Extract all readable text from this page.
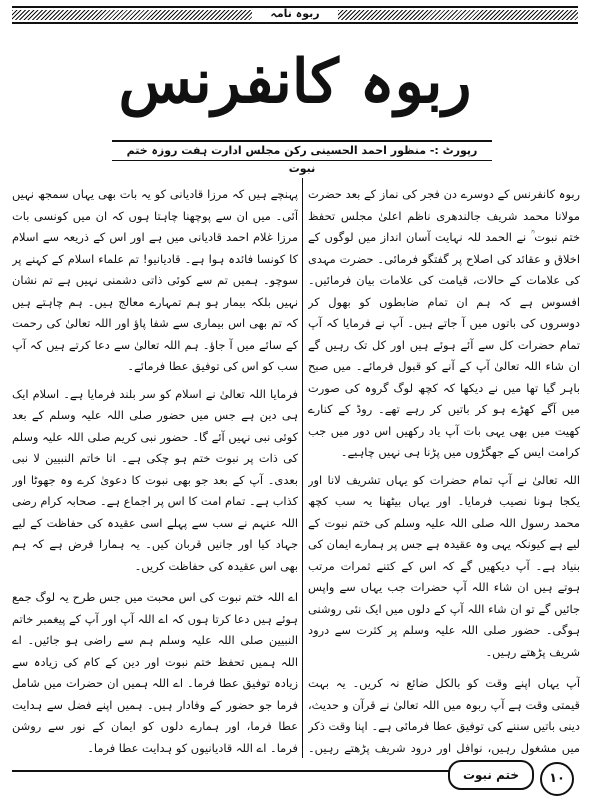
ربوہ نامہ
ربوہ کانفرنس
رپورٹ :- منظور احمد الحسینی رکن مجلس ادارت ہفت روزہ ختم نبوت

ربوہ کانفرنس کے دوسرے دن فجر کی نماز کے بعد حضرت مولانا محمد شریف جالندھری ناظم اعلیٰ مجلس تحفظ ختم نبوت ؒ نے الحمد للہ نہایت آسان انداز میں لوگوں کے اخلاق و عقائد کی اصلاح پر گفتگو فرمائی۔ حضرت مہدی کی علامات کے حالات، قیامت کی علامات بیان فرمائیں۔ افسوس ہے کہ ہم ان تمام ضابطوں کو بھول کر دوسروں کی باتوں میں آ جاتے ہیں۔ آپ نے فرمایا کہ آپ تمام حضرات کل سے آئے ہوئے ہیں اور کل تک رہیں گے ان شاء اللہ تعالیٰ آپ کے آنے کو قبول فرمائے۔ میں صبح باہر گیا تھا میں نے دیکھا کہ کچھ لوگ گروہ کی صورت میں آگے کھڑے ہو کر باتیں کر رہے تھے۔ روڈ کے کنارے کھیت میں بھی یہی بات آپ یاد رکھیں اس دور میں جب کرامت ایس کے جھگڑوں میں پڑنا ہی نہیں چاہیے۔

اللہ تعالیٰ نے آپ تمام حضرات کو یہاں تشریف لانا اور یکجا ہونا نصیب فرمایا۔ اور یہاں بیٹھنا یہ سب کچھ محمد رسول اللہ صلی اللہ علیہ وسلم کی ختم نبوت کے لیے ہے کیونکہ یہی وہ عقیدہ ہے جس پر ہمارے ایمان کی بنیاد ہے۔ آپ دیکھیں گے کہ اس کے کتنے ثمرات مرتب ہوتے ہیں ان شاء اللہ آپ حضرات جب یہاں سے واپس جائیں گے تو ان شاء اللہ آپ کے دلوں میں ایک نئی روشنی ہوگی۔ حضور صلی اللہ علیہ وسلم پر کثرت سے درود شریف پڑھتے رہیں۔

آپ یہاں اپنے وقت کو بالکل ضائع نہ کریں۔ یہ بہت قیمتی وقت ہے آپ ربوہ میں اللہ تعالیٰ نے قرآن و حدیث، دینی باتیں سننے کی توفیق عطا فرمائی ہے۔ اپنا وقت ذکر میں مشغول رہیں، نوافل اور درود شریف پڑھتے رہیں۔

پہنچے ہیں کہ مرزا قادیانی کو یہ بات بھی یہاں سمجھ نہیں آئی۔ میں ان سے پوچھنا چاہتا ہوں کہ ان میں کونسی بات مرزا غلام احمد قادیانی میں ہے اور اس کے ذریعہ سے اسلام کا کونسا فائدہ ہوا ہے۔ قادیانیو! تم علماء اسلام کے کہنے پر سوچو۔ ہمیں تم سے کوئی ذاتی دشمنی نہیں ہے تم نشان نہیں بلکہ بیمار ہو ہم تمہارے معالج ہیں۔ ہم چاہتے ہیں کہ تم بھی اس بیماری سے شفا پاؤ اور اللہ تعالیٰ کی رحمت کے سائے میں آ جاؤ۔ ہم اللہ تعالیٰ سے دعا کرتے ہیں کہ آپ سب کو اس کی توفیق عطا فرمائے۔

فرمایا اللہ تعالیٰ نے اسلام کو سر بلند فرمایا ہے۔ اسلام ایک ہی دین ہے جس میں حضور صلی اللہ علیہ وسلم کے بعد کوئی نبی نہیں آئے گا۔ حضور نبی کریم صلی اللہ علیہ وسلم کی ذات پر نبوت ختم ہو چکی ہے۔ انا خاتم النبیین لا نبی بعدی۔ آپ کے بعد جو بھی نبوت کا دعویٰ کرے وہ جھوٹا اور کذاب ہے۔ تمام امت کا اس پر اجماع ہے۔ صحابہ کرام رضی اللہ عنہم نے سب سے پہلے اسی عقیدہ کی حفاظت کے لیے جہاد کیا اور جانیں قربان کیں۔ یہ ہمارا فرض ہے کہ ہم بھی اس عقیدہ کی حفاظت کریں۔

اے اللہ ختم نبوت کی اس محبت میں جس طرح یہ لوگ جمع ہوئے ہیں دعا کرتا ہوں کہ اے اللہ آپ اور آپ کے پیغمبر خاتم النبیین صلی اللہ علیہ وسلم ہم سے راضی ہو جائیں۔ اے اللہ ہمیں تحفظ ختم نبوت اور دین کے کام کی زیادہ سے زیادہ توفیق عطا فرما۔ اے اللہ ہمیں ان حضرات میں شامل فرما جو حضور کے وفادار ہیں۔ ہمیں اپنے فضل سے ہدایت عطا فرما، اور ہمارے دلوں کو ایمان کے نور سے روشن فرما۔ اے اللہ قادیانیوں کو ہدایت عطا فرما۔

ختم نبوت	۱۰
